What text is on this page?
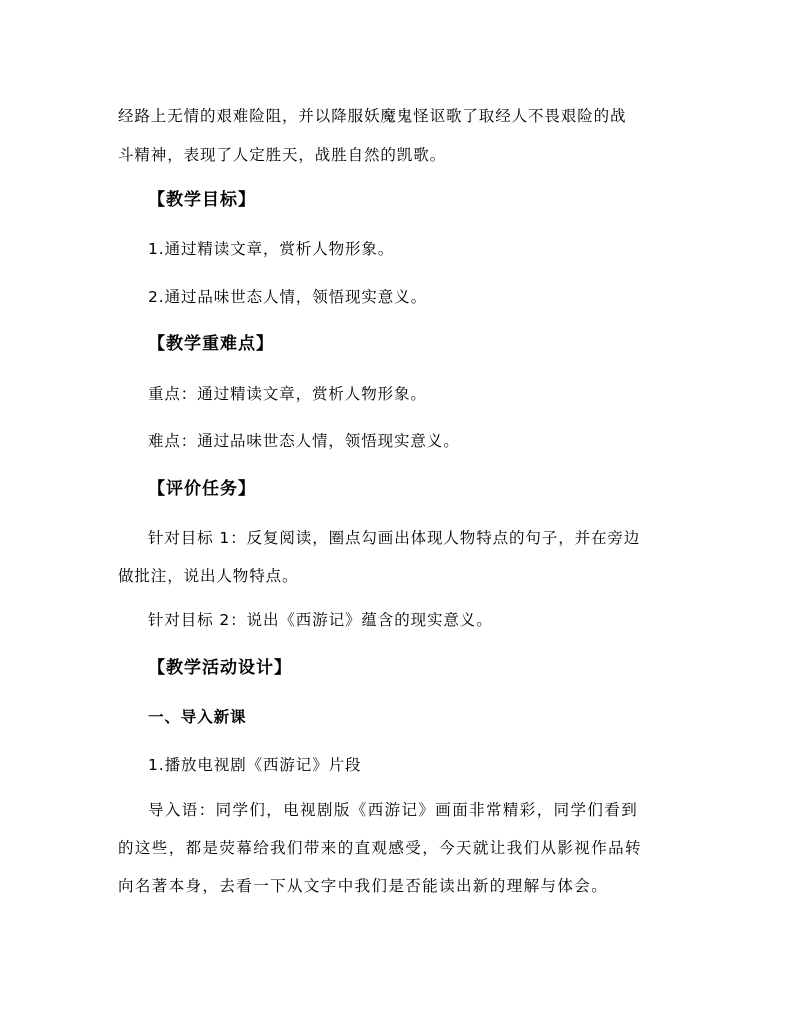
经路上无情的艰难险阻，并以降服妖魔鬼怪讴歌了取经人不畏艰险的战
斗精神，表现了人定胜天，战胜自然的凯歌。
【教学目标】
1.通过精读文章，赏析人物形象。
2.通过品味世态人情，领悟现实意义。
【教学重难点】
重点：通过精读文章，赏析人物形象。
难点：通过品味世态人情，领悟现实意义。
【评价任务】
针对目标 1：反复阅读，圈点勾画出体现人物特点的句子，并在旁边
做批注，说出人物特点。
针对目标 2：说出《西游记》蕴含的现实意义。
【教学活动设计】
一、导入新课
1.播放电视剧《西游记》片段
导入语：同学们，电视剧版《西游记》画面非常精彩，同学们看到
的这些，都是荧幕给我们带来的直观感受，今天就让我们从影视作品转
向名著本身，去看一下从文字中我们是否能读出新的理解与体会。
